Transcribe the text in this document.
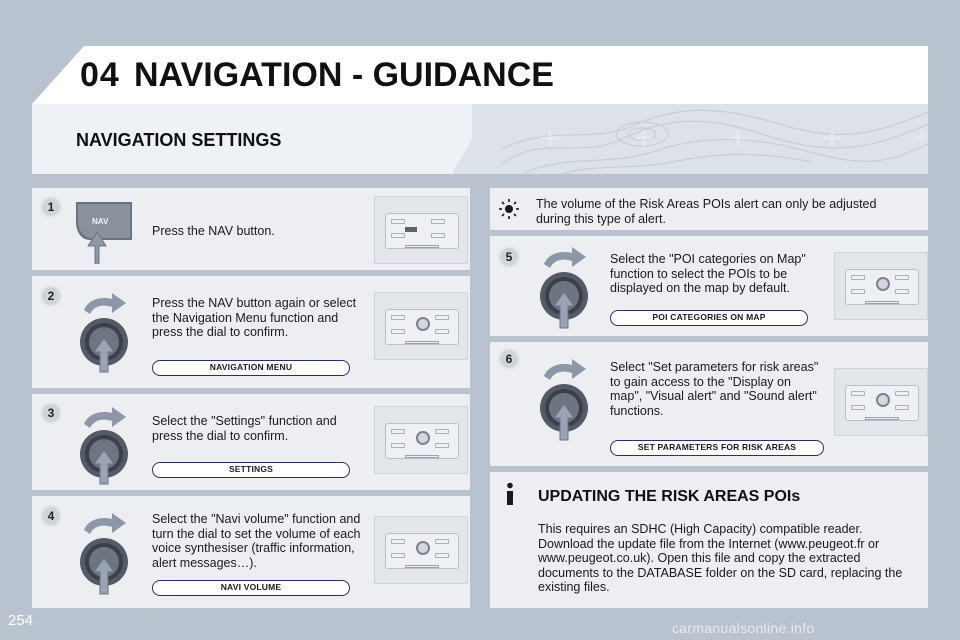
04 NAVIGATION - GUIDANCE
NAVIGATION SETTINGS
1
NAV
Press the NAV button.
2	Press the NAV button again or select the Navigation Menu function and press the dial to confirm.
NAVIGATION MENU
3
Select the "Settings" function and press the dial to confirm.
SETTINGS
4	Select the "Navi volume" function and turn the dial to set the volume of each voice synthesiser (traffic information, alert messages…).
NAVI VOLUME
The volume of the Risk Areas POIs alert can only be adjusted during this type of alert.
5	Select the "POI categories on Map" function to select the POIs to be displayed on the map by default.
POI CATEGORIES ON MAP
6
Select "Set parameters for risk areas" to gain access to the "Display on map", "Visual alert" and "Sound alert" functions.
SET PARAMETERS FOR RISK AREAS
UPDATING THE RISK AREAS POIs
This requires an SDHC (High Capacity) compatible reader. Download the update file from the Internet (www.peugeot.fr or www.peugeot.co.uk). Open this file and copy the extracted documents to the DATABASE folder on the SD card, replacing the existing files.
254	carmanualsonline.info
